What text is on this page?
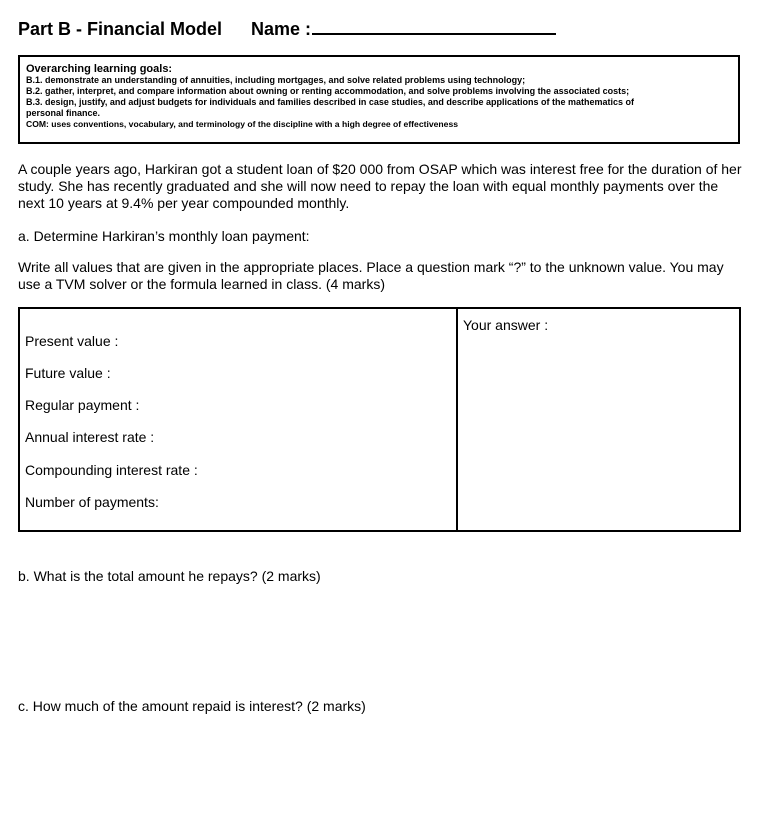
Part B - Financial Model Name :
Overarching learning goals:
B.1. demonstrate an understanding of annuities, including mortgages, and solve related problems using technology;
B.2. gather, interpret, and compare information about owning or renting accommodation, and solve problems involving the associated costs;
B.3. design, justify, and adjust budgets for individuals and families described in case studies, and describe applications of the mathematics of
personal finance.
COM: uses conventions, vocabulary, and terminology of the discipline with a high degree of effectiveness
A couple years ago, Harkiran got a student loan of $20 000 from OSAP which was interest free for the duration of her study. She has recently graduated and she will now need to repay the loan with equal monthly payments over the next 10 years at 9.4% per year compounded monthly.
a. Determine Harkiran’s monthly loan payment:
Write all values that are given in the appropriate places. Place a question mark “?” to the unknown value. You may use a TVM solver or the formula learned in class. (4 marks)
Present value :
Future value :
Regular payment :
Annual interest rate :
Compounding interest rate :
Number of payments:
Your answer :
b. What is the total amount he repays? (2 marks)
c. How much of the amount repaid is interest? (2 marks)
